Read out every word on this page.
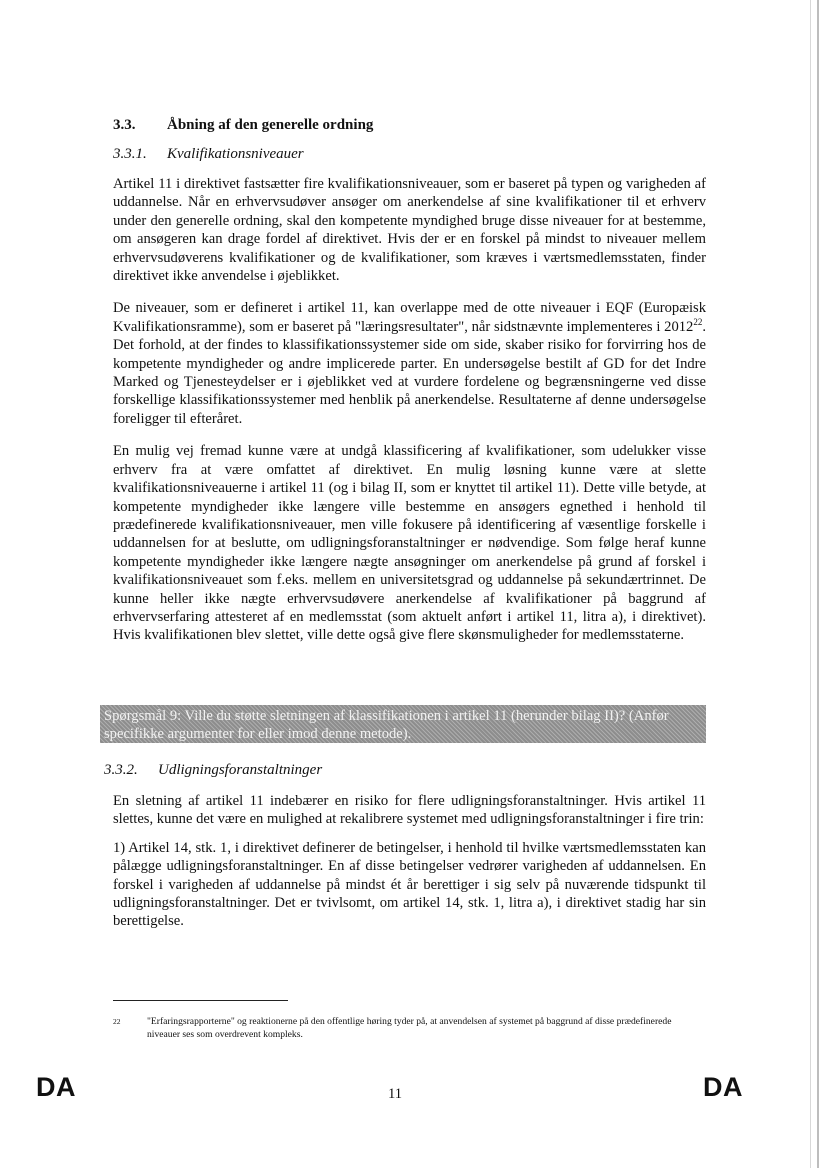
3.3.	Åbning af den generelle ordning
3.3.1.	Kvalifikationsniveauer

Artikel 11 i direktivet fastsætter fire kvalifikationsniveauer, som er baseret på typen og varigheden af uddannelse. Når en erhvervsudøver ansøger om anerkendelse af sine kvalifikationer til et erhverv under den generelle ordning, skal den kompetente myndighed bruge disse niveauer for at bestemme, om ansøgeren kan drage fordel af direktivet. Hvis der er en forskel på mindst to niveauer mellem erhvervsudøverens kvalifikationer og de kvalifikationer, som kræves i værtsmedlemsstaten, finder direktivet ikke anvendelse i øjeblikket.

De niveauer, som er defineret i artikel 11, kan overlappe med de otte niveauer i EQF (Europæisk Kvalifikationsramme), som er baseret på "læringsresultater", når sidstnævnte implementeres i 2012$^{22}$. Det forhold, at der findes to klassifikationssystemer side om side, skaber risiko for forvirring hos de kompetente myndigheder og andre implicerede parter. En undersøgelse bestilt af GD for det Indre Marked og Tjenesteydelser er i øjeblikket ved at vurdere fordelene og begrænsningerne ved disse forskellige klassifikationssystemer med henblik på anerkendelse. Resultaterne af denne undersøgelse foreligger til efteråret.

En mulig vej fremad kunne være at undgå klassificering af kvalifikationer, som udelukker visse erhverv fra at være omfattet af direktivet. En mulig løsning kunne være at slette kvalifikationsniveauerne i artikel 11 (og i bilag II, som er knyttet til artikel 11). Dette ville betyde, at kompetente myndigheder ikke længere ville bestemme en ansøgers egnethed i henhold til prædefinerede kvalifikationsniveauer, men ville fokusere på identificering af væsentlige forskelle i uddannelsen for at beslutte, om udligningsforanstaltninger er nødvendige. Som følge heraf kunne kompetente myndigheder ikke længere nægte ansøgninger om anerkendelse på grund af forskel i kvalifikationsniveauet som f.eks. mellem en universitetsgrad og uddannelse på sekundærtrinnet. De kunne heller ikke nægte erhvervsudøvere anerkendelse af kvalifikationer på baggrund af erhvervserfaring attesteret af en medlemsstat (som aktuelt anført i artikel 11, litra a), i direktivet). Hvis kvalifikationen blev slettet, ville dette også give flere skønsmuligheder for medlemsstaterne.

Spørgsmål 9: Ville du støtte sletningen af klassifikationen i artikel 11 (herunder bilag II)? (Anfør specifikke argumenter for eller imod denne metode).
3.3.2.	Udligningsforanstaltninger

En sletning af artikel 11 indebærer en risiko for flere udligningsforanstaltninger. Hvis artikel 11 slettes, kunne det være en mulighed at rekalibrere systemet med udligningsforanstaltninger i fire trin:

1) Artikel 14, stk. 1, i direktivet definerer de betingelser, i henhold til hvilke værtsmedlemsstaten kan pålægge udligningsforanstaltninger. En af disse betingelser vedrører varigheden af uddannelsen. En forskel i varigheden af uddannelse på mindst ét år berettiger i sig selv på nuværende tidspunkt til udligningsforanstaltninger. Det er tvivlsomt, om artikel 14, stk. 1, litra a), i direktivet stadig har sin berettigelse.

22	"Erfaringsrapporterne" og reaktionerne på den offentlige høring tyder på, at anvendelsen af systemet på baggrund af disse prædefinerede niveauer ses som overdrevent kompleks.
DA	11	DA
